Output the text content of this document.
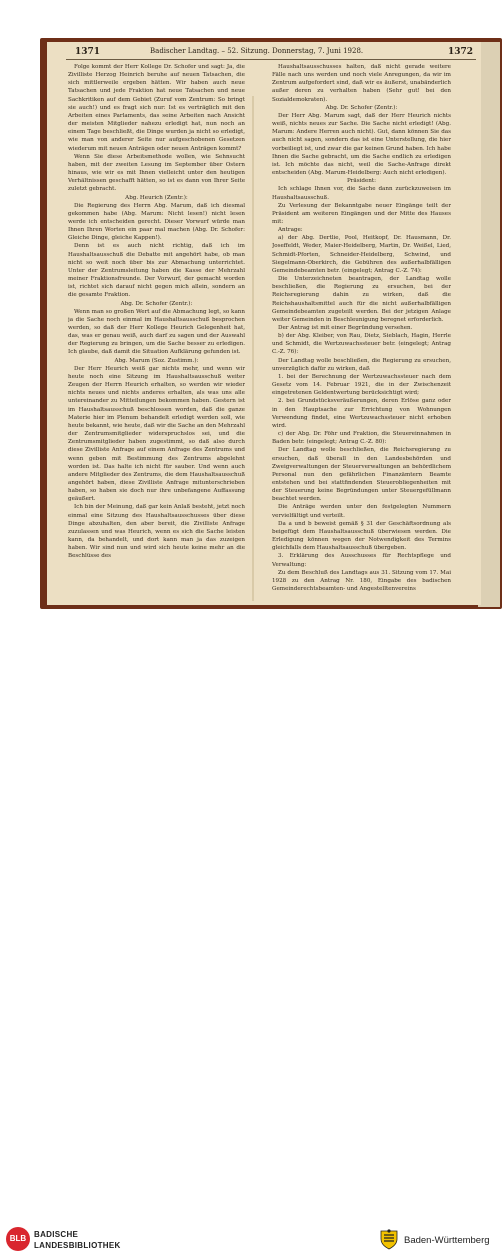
1371	Badischer Landtag. – 52. Sitzung. Donnerstag, 7. Juni 1928.	1372

Folge kommt der Herr Kollege Dr. Schofer und sagt: Ja, die Zivilliste Herzog Heinrich beruhe auf neuen Tatsachen, die sich mittlerweile ergeben hätten. Wir haben auch neue Tatsachen und jede Fraktion hat neue Tatsachen und neue Sachkritiken auf dem Gebiet (Zuruf vom Zentrum: So bringt sie auch!) und es fragt sich nur: Ist es verträglich mit den Arbeiten eines Parlaments, das seine Arbeiten nach Ansicht der meisten Mitglieder nahezu erledigt hat, nun noch an einem Tage beschließt, die Dinge wurden ja nicht so erledigt, wie man von anderer Seite nur aufgeschobenen Gesetzen wiederum mit neuen Anträgen oder neuen Anträgen kommt?

Wenn Sie diese Arbeitsmethode wollen, wie Sehnsucht haben, mit der zweiten Lesung im September über Ostern hinaus, wie wir es mit Ihnen vielleicht unter den heutigen Verhältnissen geschafft hätten, so ist es dann von Ihrer Seite zuletzt gebracht.

Abg. Heurich (Zentr.):

Die Regierung des Herrn Abg. Marum, daß ich diesmal gekommen habe (Abg. Marum: Nicht lesen!) nicht lesen werde ich entscheiden gerecht. Dieser Vorwurf würde man Ihnen Ihren Worten ein paar mal machen (Abg. Dr. Schofer: Gleiche Dinge, gleiche Kappen!).

Denn ist es auch nicht richtig, daß ich im Haushaltsausschuß die Debatte mit angehört habe, ob man nicht so weit noch über bis zur Abmachung unterrichtet. Unter der Zentrumsleitung haben die Kasse der Mehrzahl meiner Fraktionsfreunde. Der Vorwurf, der gemacht worden ist, richtet sich darauf nicht gegen mich allein, sondern an die gesamte Fraktion.

Abg. Dr. Schofer (Zentr.):

Wenn man so großen Wert auf die Abmachung legt, so kann ja die Sache noch einmal im Haushaltsausschuß besprochen werden, so daß der Herr Kollege Heurich Gelegenheit hat, das, was er genau weiß, auch darf zu sagen und der Auswahl der Regierung zu bringen, um die Sache besser zu erledigen. Ich glaube, daß damit die Situation Aufklärung gefunden ist.

Abg. Marum (Soz. Zustimm.):

Der Herr Heurich weiß gar nichts mehr, und wenn wir heute noch eine Sitzung im Haushaltsausschuß weiter Zeugen der Herrn Heurich erhalten, so werden wir wieder nichts neues und nichts anderes erhalten, als was uns alle untereinander zu Mitteilungen bekommen haben. Gestern ist im Haushaltsausschuß beschlossen worden, daß die ganze Materie hier im Plenum behandelt erledigt werden soll, wie heute bekannt, wie heute, daß wir die Sache an den Mehrzahl der Zentrumsmitglieder widerspruchslos sei, und die Zentrumsmitglieder haben zugestimmt, so daß also durch diese Zivilliste Anfrage auf einem Anfrage des Zentrums und wenn geben mit Bestimmung des Zentrums abgelehnt worden ist. Das halte ich nicht für sauber. Und wenn auch andere Mitglieder des Zentrums, die dem Haushaltsausschuß angehört haben, diese Zivilliste Anfrage mitunterschrieben haben, so haben sie doch nur ihre unbefangene Auffassung geäußert.

Ich bin der Meinung, daß gar kein Anlaß besteht, jetzt noch einmal eine Sitzung des Haushaltsausschusses über diese Dinge abzuhalten, den aber bereit, die Zivilliste Anfrage zuzulassen und was Heurich, wenn es sich die Sache leisten kann, da behandelt, und dort kann man ja das zuzeigen haben. Wir sind nun und wird sich heute keine mehr an die Beschlüsse des

Haushaltsausschusses halten, daß nicht gerade weitere Fälle nach uns werden und noch viele Anregungen, da wir im Zentrum aufgefordert sind, daß wir es äußerst, unabänderlich außer deren zu verhalten haben (Sehr gut! bei den Sozialdemokraten).

Abg. Dr. Schofer (Zentr.):

Der Herr Abg. Marum sagt, daß der Herr Heurich nichts weiß, nichts neues zur Sache. Die Sache nicht erledigt! (Abg. Marum: Andere Herren auch nicht). Gut, dann können Sie das auch nicht sagen, sondern das ist eine Unterstellung, die hier vorbeiliegt ist, und zwar die gar keinen Grund haben. Ich habe Ihnen die Sache gebracht, um die Sache endlich zu erledigen ist. Ich möchte das nicht, weil die Sache-Anfrage direkt entscheiden (Abg. Marum-Heidelberg: Auch nicht erledigen).

Präsident:

Ich schlage Ihnen vor, die Sache dann zurückzuweisen im Haushaltsausschuß.

Zu Verlesung der Bekanntgabe neuer Eingänge teilt der Präsident am weiteren Eingängen und der Mitte des Hauses mit:

Antrage:

a) der Abg. Dertlie, Pool, Heitkopf, Dr. Hausmann, Dr. Joseffeldt, Weder, Maier-Heidelberg, Martin, Dr. Weißel, Lied, Schmidt-Pforten, Schneider-Heidelberg, Schwind, und Siegelmann-Oberkirch, die Gebühren des außerhalbfälligen Gemeindebeamten betr. (eingelegt; Antrag C.-Z. 74):

Die Unterzeichneten beantragen, der Landtag wolle beschließen, die Regierung zu ersuchen, bei der Reichsregierung dahin zu wirken, daß die Reichshaushaltsmittel auch für die nicht außerhalbfälligen Gemeindebeamten zugeteilt werden. Bei der jetzigen Anlage weiter Gemeinden in Beschleunigung beregnet erforderlich.

Der Antrag ist mit einer Begründung versehen.

b) der Abg. Kleiber, von Rau, Dietz, Sieblach, Hagin, Herrle und Schmidt, die Wertzuwachssteuer betr. (eingelegt; Antrag C.-Z. 76):

Der Landtag wolle beschließen, die Regierung zu ersuchen, unverzüglich dafür zu wirken, daß

1. bei der Berechnung der Wertzuwachssteuer nach dem Gesetz vom 14. Februar 1921, die in der Zwischenzeit eingetretenen Geldentwertung berücksichtigt wird;

2. bei Grundstücksveräußerungen, deren Erlöse ganz oder in den Hauptsache zur Errichtung von Wohnungen Verwendung findet, eine Wertzuwachssteuer nicht erhoben wird.

c) der Abg. Dr. Föhr und Fraktion, die Steuereinnahmen in Baden betr. (eingelegt; Antrag C.-Z. 80):

Der Landtag wolle beschließen, die Reichsregierung zu ersuchen, daß überall in den Landesbehörden und Zweigverwaltungen der Steuerverwaltungen an behördlichem Personal nun den gefährlichen Finanzämtern Beamte entstehen und bei stattfindenden Steuerobliegenheiten mit der Steuerung keine Begründungen unter Steuergefüllmann beachtet werden.

Die Anträge werden unter den festgelegten Nummern vervielfältigt und verteilt.

Da a und b beweist gemäß § 31 der Geschäftsordnung als beigefügt dem Haushaltsausschuß überwiesen werden. Die Erledigung können wegen der Notwendigkeit des Termins gleichfalls dem Haushaltsausschuß übergeben.

3. Erklärung des Ausschusses für Rechtspflege und Verwaltung:

Zu dem Beschluß des Landtags aus 31. Sitzung vom 17. Mai 1928 zu den Antrag Nr. 180, Eingabe des badischen Gemeinderechtsbeamten- und Angestelltenvereins

BLB BADISCHE
LANDESBIBLIOTHEK	Baden-Württemberg
